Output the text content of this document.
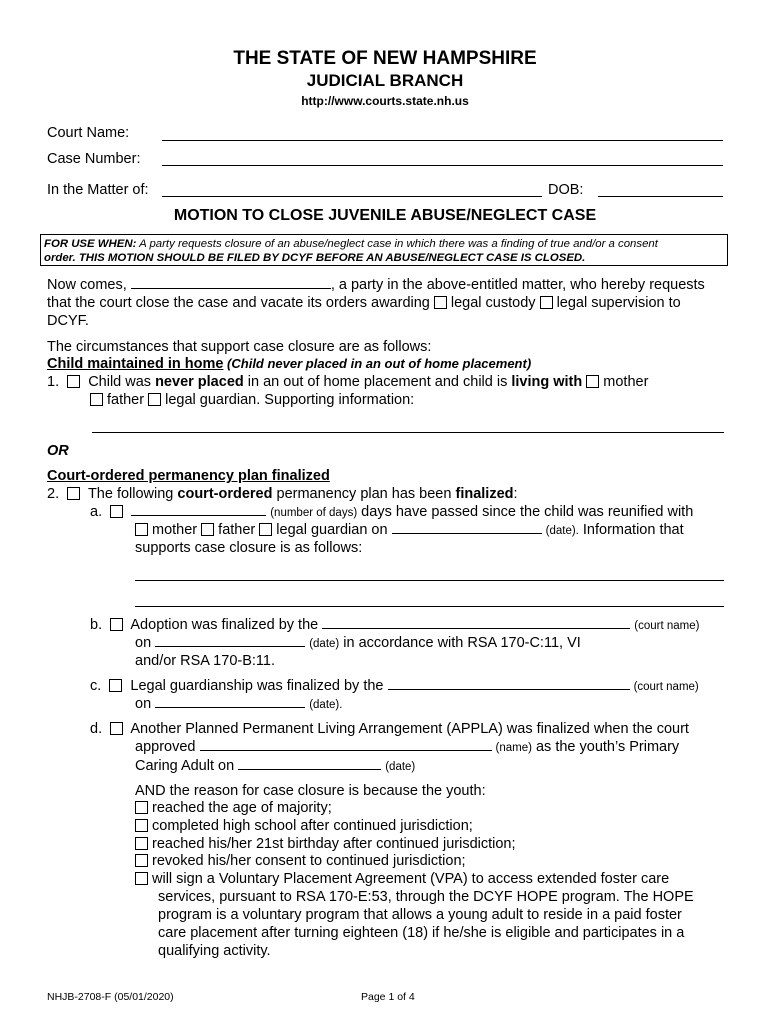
THE STATE OF NEW HAMPSHIRE
JUDICIAL BRANCH
http://www.courts.state.nh.us
Court Name:
Case Number:
In the Matter of:	DOB:
MOTION TO CLOSE JUVENILE ABUSE/NEGLECT CASE
FOR USE WHEN: A party requests closure of an abuse/neglect case in which there was a finding of true and/or a consent
order. THIS MOTION SHOULD BE FILED BY DCYF BEFORE AN ABUSE/NEGLECT CASE IS CLOSED.
Now comes,	, a party in the above-entitled matter, who hereby requests
that the court close the case and vacate its orders awarding legal custody legal supervision to
DCYF.
The circumstances that support case closure are as follows:
Child maintained in home (Child never placed in an out of home placement)
1. Child was never placed in an out of home placement and child is living with mother
father legal guardian. Supporting information:
OR
Court-ordered permanency plan finalized
2. The following court-ordered permanency plan has been finalized:
a.	(number of days) days have passed since the child was reunified with
mother father legal guardian on	(date). Information that
supports case closure is as follows:
b. Adoption was finalized by the	(court name)
on	(date) in accordance with RSA 170-C:11, VI
and/or RSA 170-B:11.
c. Legal guardianship was finalized by the	(court name)
on	(date).
d. Another Planned Permanent Living Arrangement (APPLA) was finalized when the court
approved	(name) as the youth’s Primary
Caring Adult on	(date)
AND the reason for case closure is because the youth:
reached the age of majority;
completed high school after continued jurisdiction;
reached his/her 21st birthday after continued jurisdiction;
revoked his/her consent to continued jurisdiction;
will sign a Voluntary Placement Agreement (VPA) to access extended foster care
services, pursuant to RSA 170-E:53, through the DCYF HOPE program. The HOPE
program is a voluntary program that allows a young adult to reside in a paid foster
care placement after turning eighteen (18) if he/she is eligible and participates in a
qualifying activity.
NHJB-2708-F (05/01/2020)	Page 1 of 4
